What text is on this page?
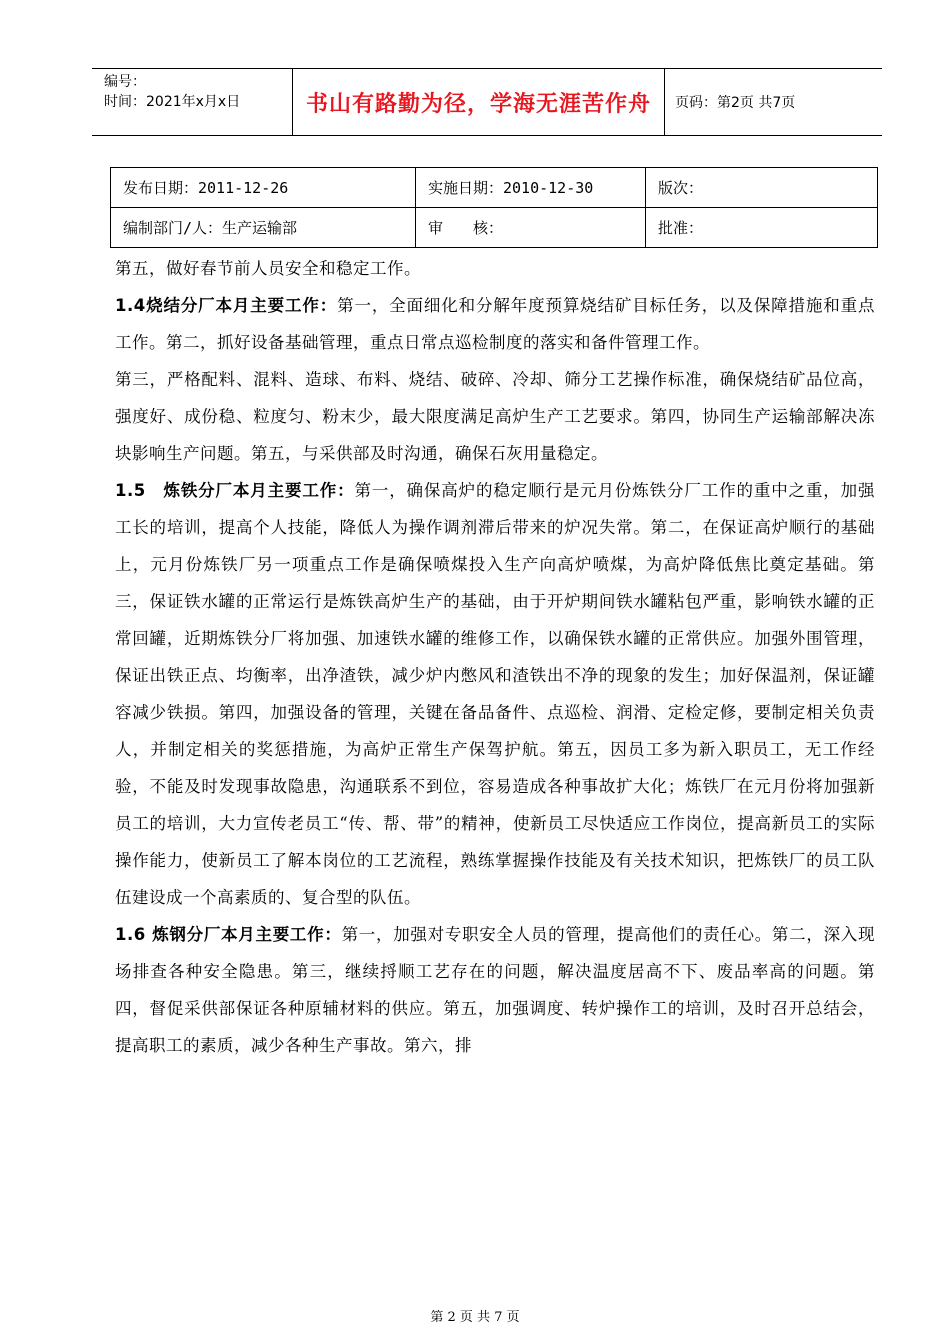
编号：
时间：2021年x月x日	书山有路勤为径，学海无涯苦作舟	页码：第2页 共7页
发布日期：2011-12-26	实施日期：2010-12-30	版次：
编制部门/人：生产运输部	审　　核：	批准：

第五，做好春节前人员安全和稳定工作。

1.4烧结分厂本月主要工作：第一，全面细化和分解年度预算烧结矿目标任务，以及保障措施和重点工作。第二，抓好设备基础管理，重点日常点巡检制度的落实和备件管理工作。

第三，严格配料、混料、造球、布料、烧结、破碎、冷却、筛分工艺操作标准，确保烧结矿品位高，强度好、成份稳、粒度匀、粉末少，最大限度满足高炉生产工艺要求。第四，协同生产运输部解决冻块影响生产问题。第五，与采供部及时沟通，确保石灰用量稳定。

1.5　炼铁分厂本月主要工作：第一，确保高炉的稳定顺行是元月份炼铁分厂工作的重中之重，加强工长的培训，提高个人技能，降低人为操作调剂滞后带来的炉况失常。第二，在保证高炉顺行的基础上，元月份炼铁厂另一项重点工作是确保喷煤投入生产向高炉喷煤，为高炉降低焦比奠定基础。第三，保证铁水罐的正常运行是炼铁高炉生产的基础，由于开炉期间铁水罐粘包严重，影响铁水罐的正常回罐，近期炼铁分厂将加强、加速铁水罐的维修工作，以确保铁水罐的正常供应。加强外围管理，保证出铁正点、均衡率，出净渣铁，减少炉内憋风和渣铁出不净的现象的发生；加好保温剂，保证罐容减少铁损。第四，加强设备的管理，关键在备品备件、点巡检、润滑、定检定修，要制定相关负责人，并制定相关的奖惩措施，为高炉正常生产保驾护航。第五，因员工多为新入职员工，无工作经验，不能及时发现事故隐患，沟通联系不到位，容易造成各种事故扩大化；炼铁厂在元月份将加强新员工的培训，大力宣传老员工“传、帮、带”的精神，使新员工尽快适应工作岗位，提高新员工的实际操作能力，使新员工了解本岗位的工艺流程，熟练掌握操作技能及有关技术知识，把炼铁厂的员工队伍建设成一个高素质的、复合型的队伍。

1.6 炼钢分厂本月主要工作：第一，加强对专职安全人员的管理，提高他们的责任心。第二，深入现场排查各种安全隐患。第三，继续捋顺工艺存在的问题，解决温度居高不下、废品率高的问题。第四，督促采供部保证各种原辅材料的供应。第五，加强调度、转炉操作工的培训，及时召开总结会，提高职工的素质，减少各种生产事故。第六，排

第 2 页 共 7 页
